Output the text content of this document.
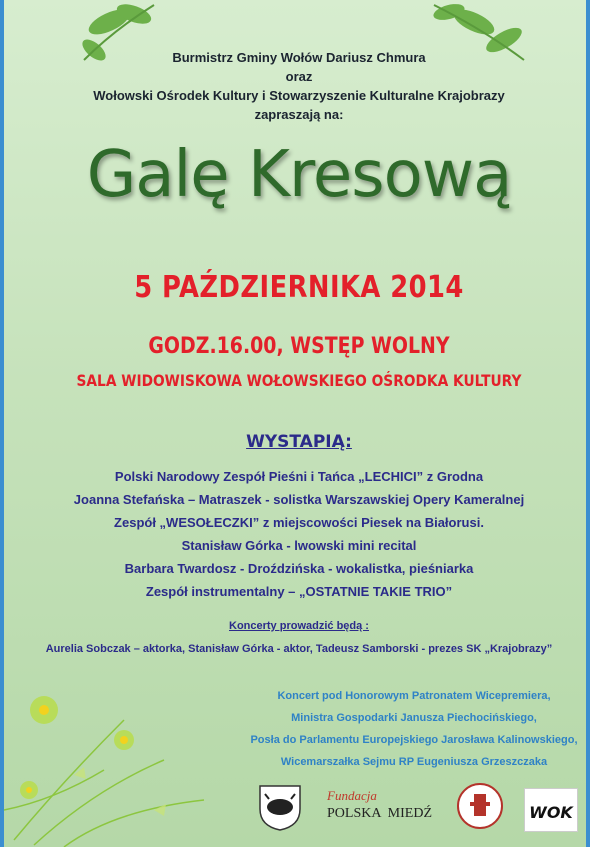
Burmistrz Gminy Wołów Dariusz Chmura
oraz
Wołowski Ośrodek Kultury i Stowarzyszenie Kulturalne Krajobrazy
zapraszają na:
Galę Kresową
5 PAŹDZIERNIKA 2014
GODZ.16.00, WSTĘP WOLNY
SALA WIDOWISKOWA WOŁOWSKIEGO OŚRODKA KULTURY
WYSTAPIĄ:
Polski Narodowy Zespół Pieśni i Tańca „LECHICI” z Grodna
Joanna Stefańska – Matraszek - solistka Warszawskiej Opery Kameralnej
Zespół „WESOŁECZKI” z miejscowości Piesek na Białorusi.
Stanisław Górka - lwowski mini recital
Barbara Twardosz - Droździńska - wokalistka, pieśniarka
Zespół instrumentalny – „OSTATNIE TAKIE TRIO”
Koncerty prowadzić będą :
Aurelia Sobczak – aktorka, Stanisław Górka - aktor, Tadeusz Samborski - prezes SK „Krajobrazy”
Koncert pod Honorowym Patronatem Wicepremiera,
Ministra Gospodarki Janusza Piechocińskiego,
Posła do Parlamentu Europejskiego Jarosława Kalinowskiego,
Wicemarszałka Sejmu RP Eugeniusza Grzeszczaka
Fundacja
POLSKA  MIEDŹ	WOK
